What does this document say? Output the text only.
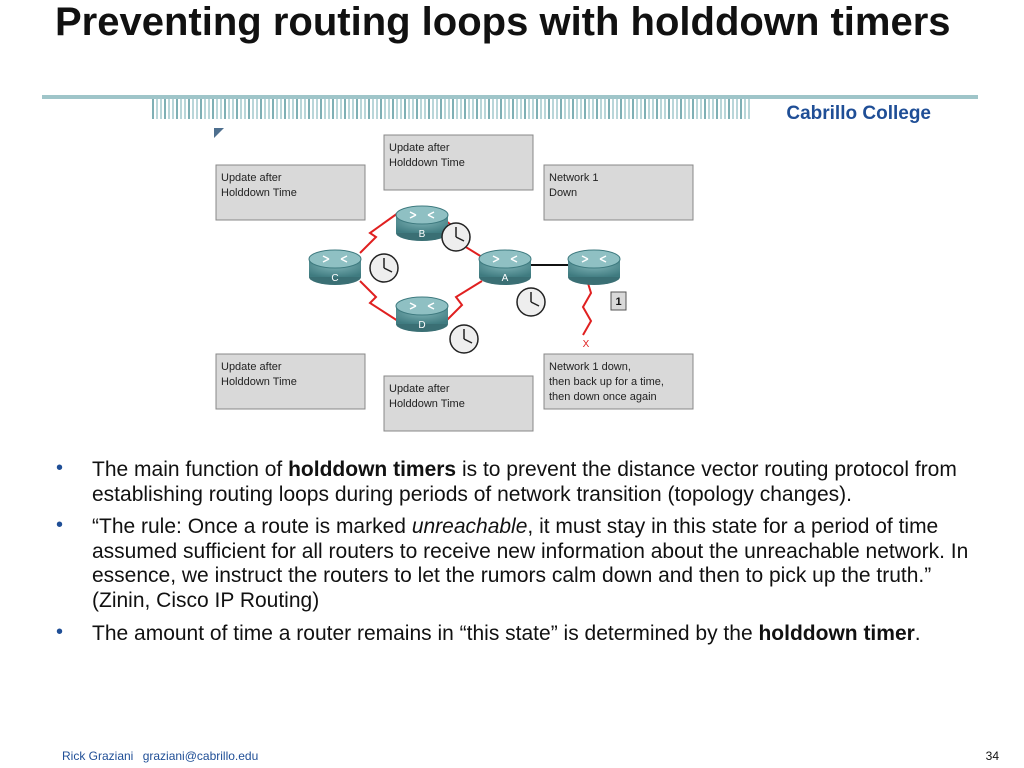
Preventing routing loops with holddown timers
Cabrillo College
Update after
Holddown Time
Update after
Holddown Time
Network 1
Down
Update after
Holddown Time
Update after
Holddown Time
Network 1 down,
then back up for a time,
then down once again
X
B
C	A
D
1
• The main function of holddown timers is to prevent the distance vector routing protocol from establishing routing loops during periods of network transition (topology changes).
• “The rule: Once a route is marked unreachable, it must stay in this state for a period of time assumed sufficient for all routers to receive new information about the unreachable network. In essence, we instruct the routers to let the rumors calm down and then to pick up the truth.” (Zinin, Cisco IP Routing)
• The amount of time a router remains in “this state” is determined by the holddown timer.
Rick Graziani graziani@cabrillo.edu	34
